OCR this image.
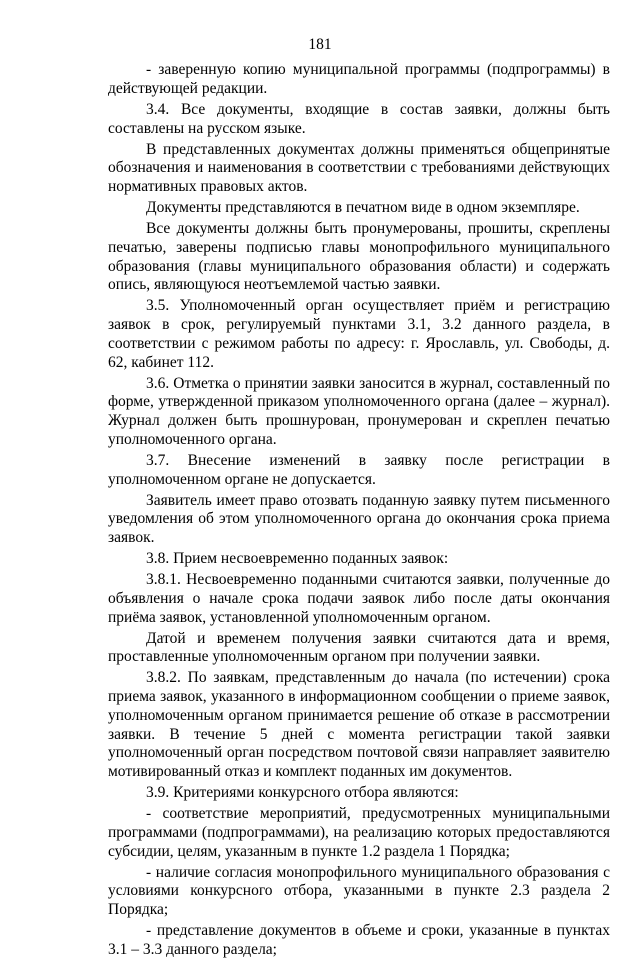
181

- заверенную копию муниципальной программы (подпрограммы) в действующей редакции.

3.4. Все документы, входящие в состав заявки, должны быть составлены на русском языке.

В представленных документах должны применяться общепринятые обозначения и наименования в соответствии с требованиями действующих нормативных правовых актов.

Документы представляются в печатном виде в одном экземпляре.

Все документы должны быть пронумерованы, прошиты, скреплены печатью, заверены подписью главы монопрофильного муниципального образования (главы муниципального образования области) и содержать опись, являющуюся неотъемлемой частью заявки.

3.5. Уполномоченный орган осуществляет приём и регистрацию заявок в срок, регулируемый пунктами 3.1, 3.2 данного раздела, в соответствии с режимом работы по адресу: г. Ярославль, ул. Свободы, д. 62, кабинет 112.

3.6. Отметка о принятии заявки заносится в журнал, составленный по форме, утвержденной приказом уполномоченного органа (далее – журнал). Журнал должен быть прошнурован, пронумерован и скреплен печатью уполномоченного органа.

3.7. Внесение изменений в заявку после регистрации в уполномоченном органе не допускается.

Заявитель имеет право отозвать поданную заявку путем письменного уведомления об этом уполномоченного органа до окончания срока приема заявок.

3.8. Прием несвоевременно поданных заявок:

3.8.1. Несвоевременно поданными считаются заявки, полученные до объявления о начале срока подачи заявок либо после даты окончания приёма заявок, установленной уполномоченным органом.

Датой и временем получения заявки считаются дата и время, проставленные уполномоченным органом при получении заявки.

3.8.2. По заявкам, представленным до начала (по истечении) срока приема заявок, указанного в информационном сообщении о приеме заявок, уполномоченным органом принимается решение об отказе в рассмотрении заявки. В течение 5 дней с момента регистрации такой заявки уполномоченный орган посредством почтовой связи направляет заявителю мотивированный отказ и комплект поданных им документов.

3.9. Критериями конкурсного отбора являются:

- соответствие мероприятий, предусмотренных муниципальными программами (подпрограммами), на реализацию которых предоставляются субсидии, целям, указанным в пункте 1.2 раздела 1 Порядка;

- наличие согласия монопрофильного муниципального образования с условиями конкурсного отбора, указанными в пункте 2.3 раздела 2 Порядка;

- представление документов в объеме и сроки, указанные в пунктах 3.1 – 3.3 данного раздела;
